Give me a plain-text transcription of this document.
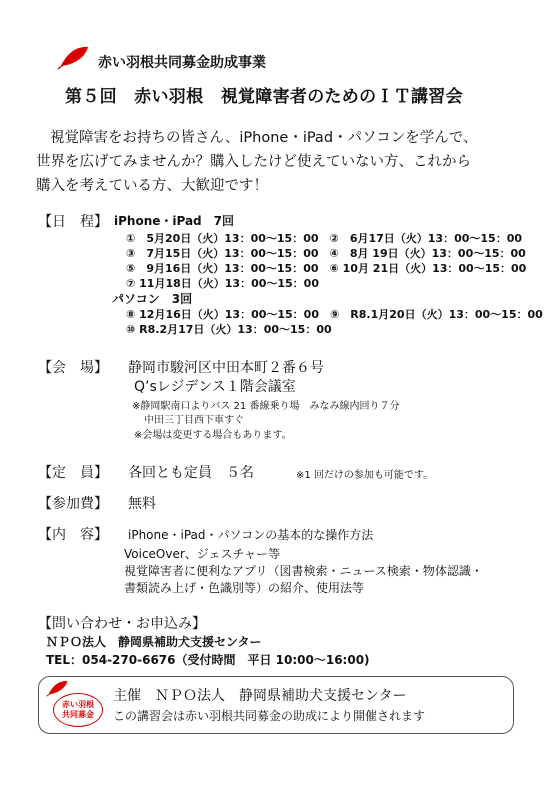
赤い羽根共同募金助成事業
第５回　赤い羽根　視覚障害者のためのＩＴ講習会
視覚障害をお持ちの皆さん、iPhone・iPad・パソコンを学んで、
世界を広げてみませんか？購入したけど使えていない方、これから
購入を考えている方、大歓迎です！
【日　程】 iPhone・iPad　7回
①　5月20日（火）13：00～15：00　②　6月17日（火）13：00～15：00
③　7月15日（火）13：00～15：00　④　8月 19日（火）13：00～15：00
⑤　9月16日（火）13：00～15：00　⑥ 10月 21日（火）13：00～15：00
⑦ 11月18日（火）13：00～15：00
パソコン　3回
⑧ 12月16日（火）13：00～15：00　⑨　R8.1月20日（火）13：00～15：00
⑩ R8.2月17日（火）13：00～15：00
【会　場】 静岡市駿河区中田本町２番６号
Q’sレジデンス１階会議室
※静岡駅南口よりバス 21 番線乗り場　みなみ線内回り７分
中田三丁目西下車すぐ
※会場は変更する場合もあります。
【定　員】 各回とも定員　５名	※1 回だけの参加も可能です。
【参加費】 無料
【内　容】 iPhone・iPad・パソコンの基本的な操作方法
VoiceOver、ジェスチャー等
視覚障害者に便利なアプリ（図書検索・ニュース検索・物体認識・
書類読み上げ・色識別等）の紹介、使用法等
【問い合わせ・お申込み】
ＮＰＯ法人　静岡県補助犬支援センター
TEL：054-270-6676（受付時間　平日 10:00～16:00)
赤い羽根
共同募金
主催　ＮＰＯ法人　静岡県補助犬支援センター
この講習会は赤い羽根共同募金の助成により開催されます
